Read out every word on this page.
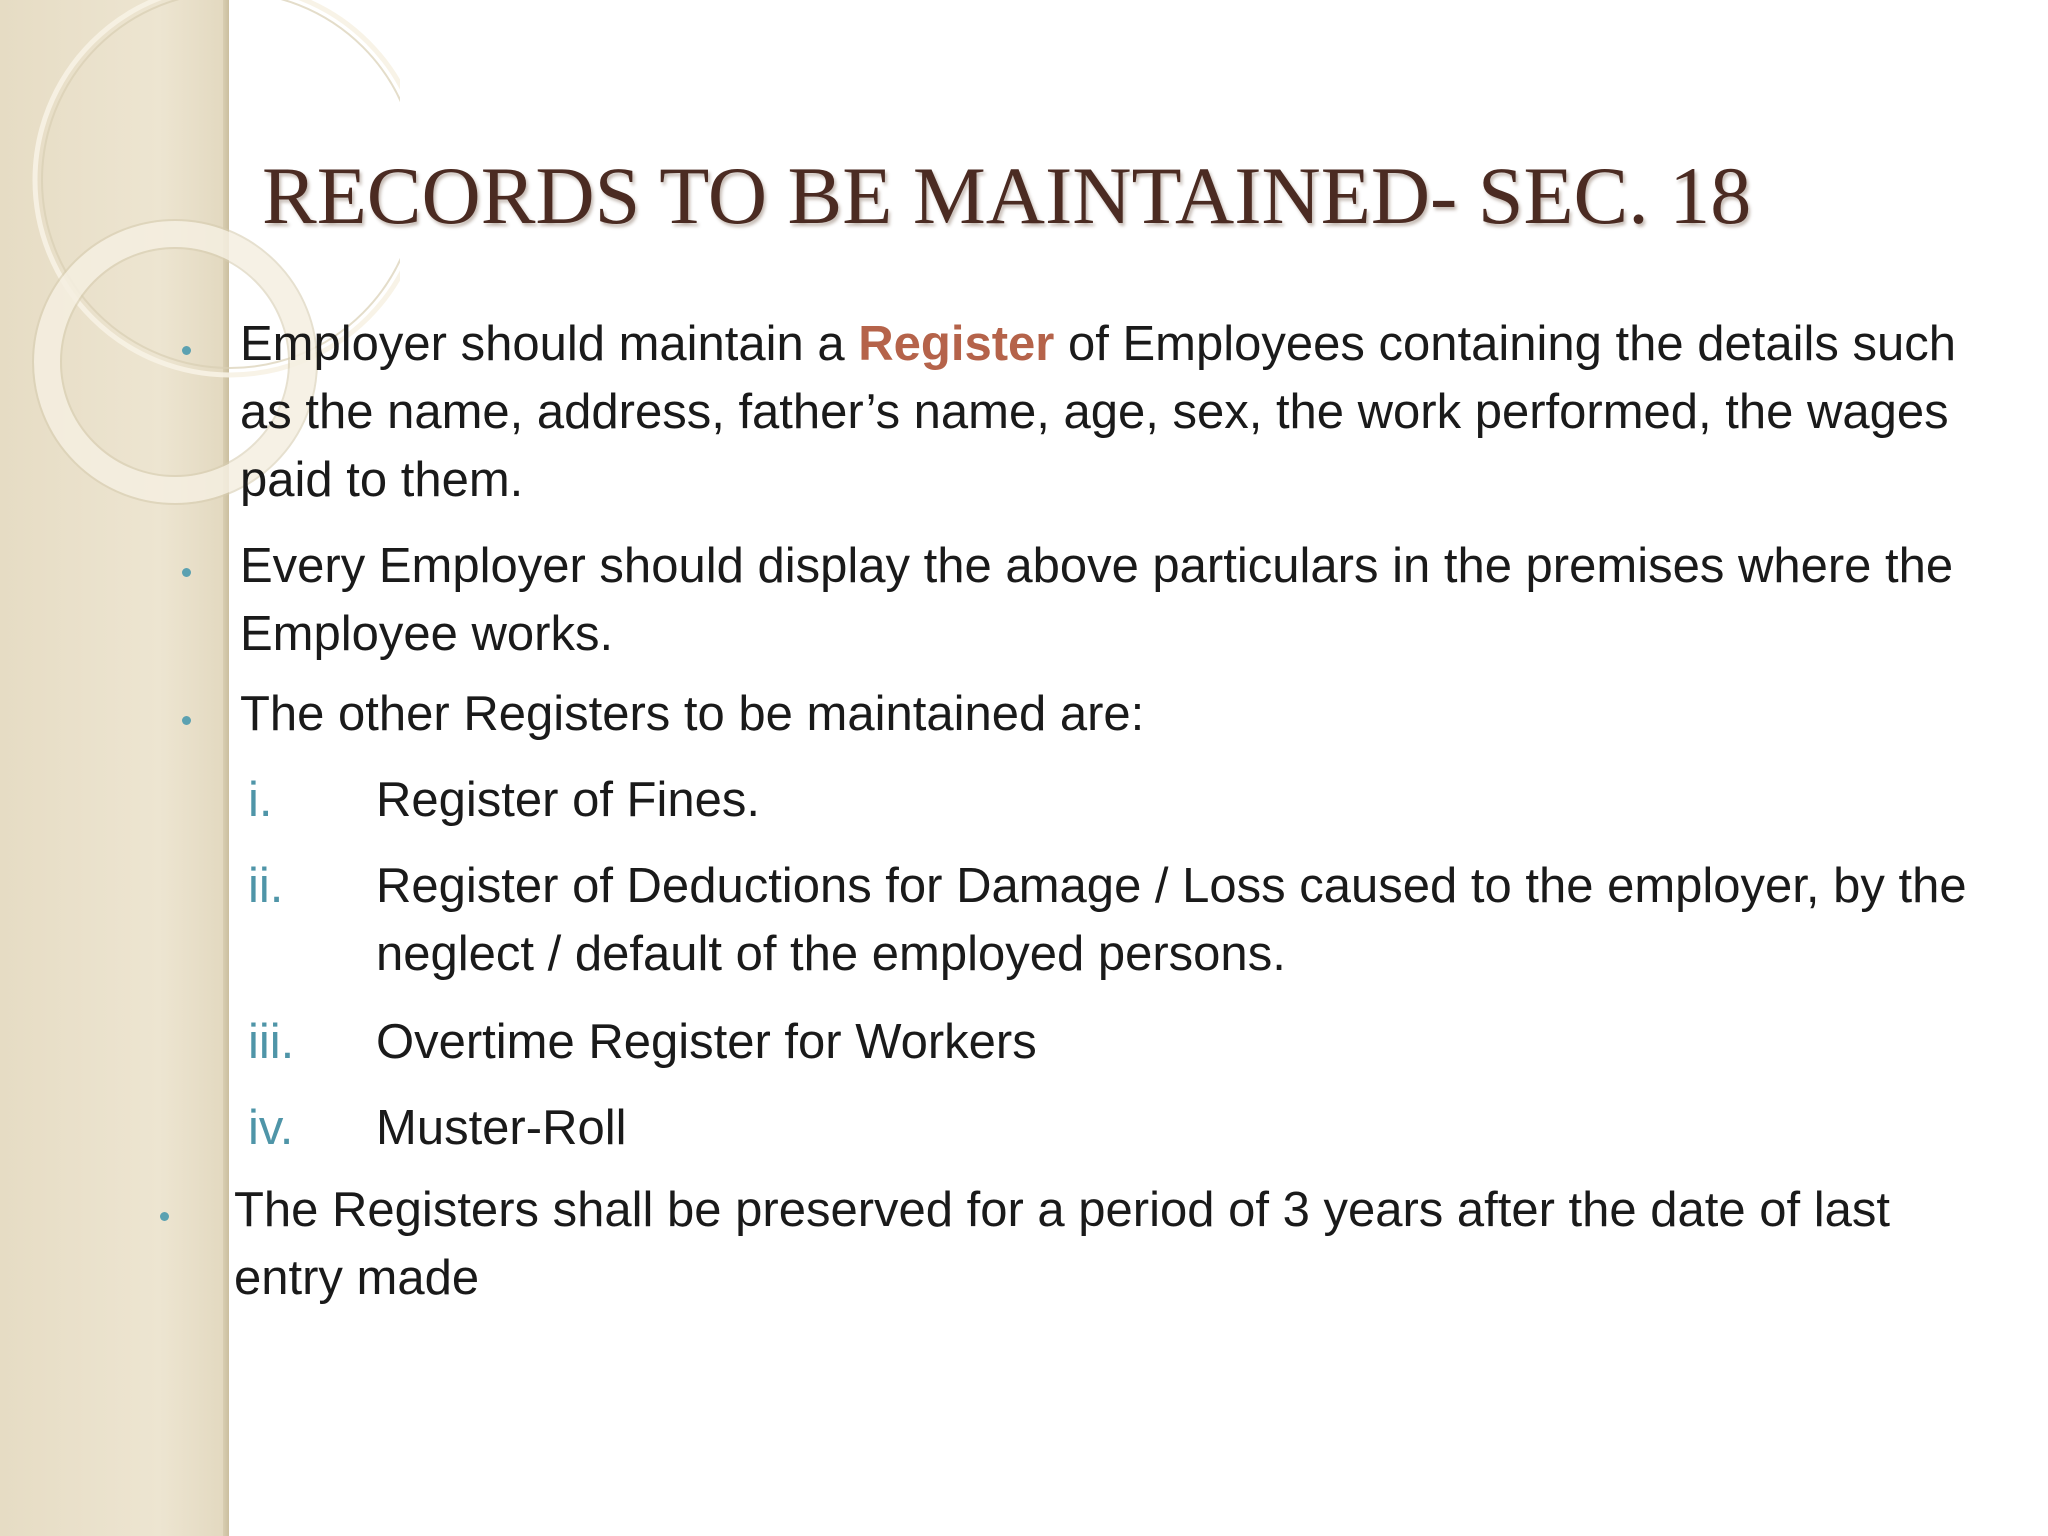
RECORDS TO BE MAINTAINED- SEC. 18
Employer should maintain a Register of Employees containing the details such as the name, address, father’s name, age, sex, the work performed, the wages paid to them.
Every Employer should display the above particulars in the premises where the Employee works.
The other Registers to be maintained are:
i. Register of Fines.
ii. Register of Deductions for Damage / Loss caused to the employer, by the neglect / default of the employed persons.
iii. Overtime Register for Workers
iv. Muster-Roll
The Registers shall be preserved for a period of 3 years after the date of last entry made
